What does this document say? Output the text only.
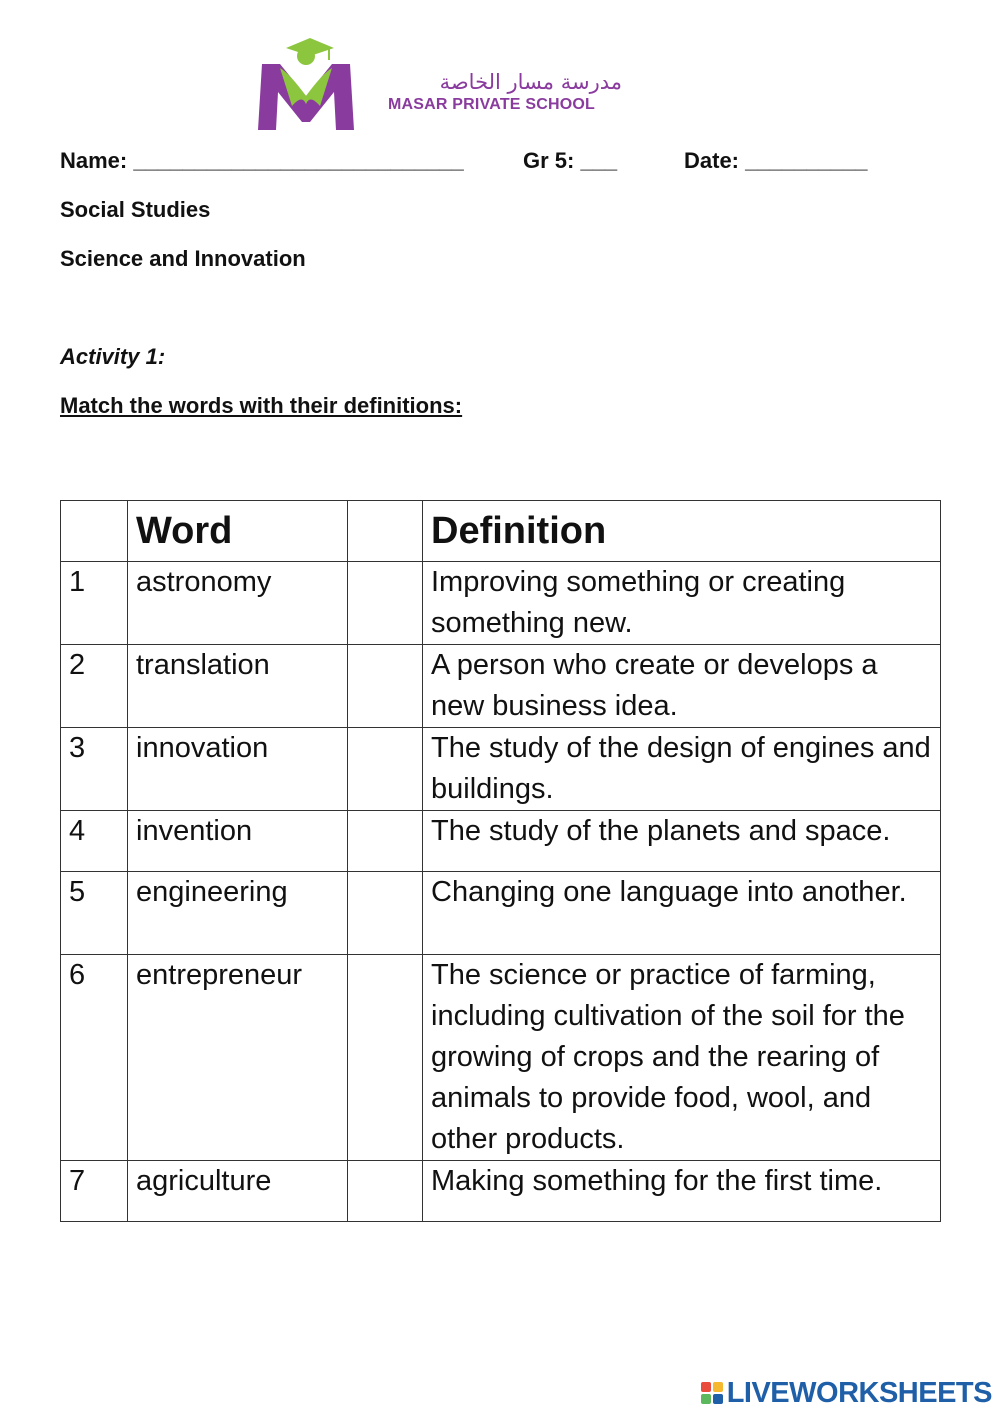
مدرسة مسار الخاصة
MASAR PRIVATE SCHOOL

Name: ___________________________

	Gr 5: ___

	Date: __________

Social Studies
Science and Innovation
Activity 1:
Match the words with their definitions:
	Word		Definition
1	astronomy		Improving something or creating something new.
2	translation		A person who create or develops a new business idea.
3	innovation		The study of the design of engines and buildings.
4	invention		The study of the planets and space.
5	engineering		Changing one language into another.
6	entrepreneur		The science or practice of farming, including cultivation of the soil for the growing of crops and the rearing of animals to provide food, wool, and other products.
7	agriculture		Making something for the first time.
LIVEWORKSHEETS
